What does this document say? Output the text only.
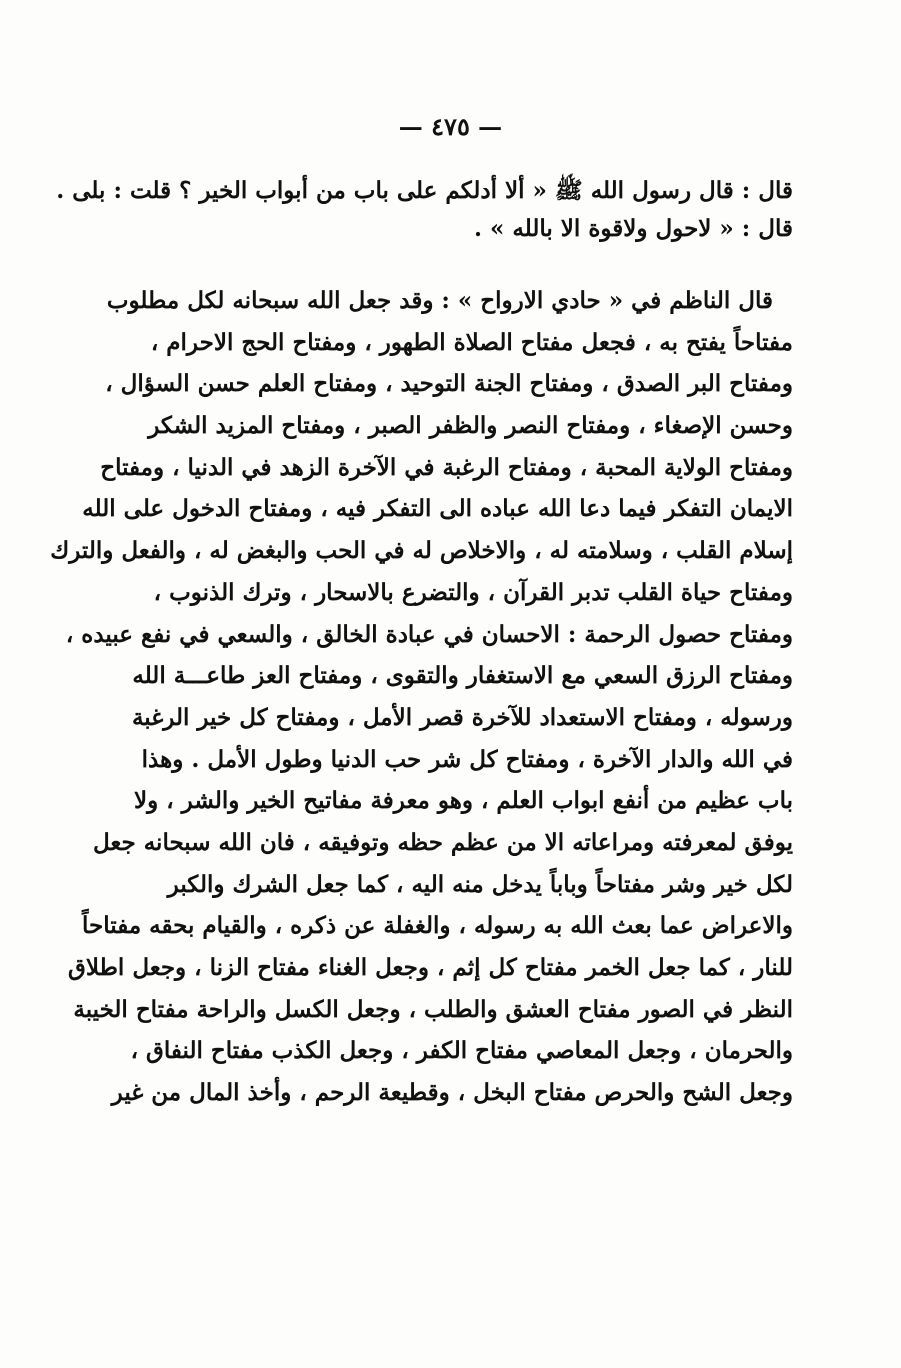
— ٤٧٥ —
قال : قال رسول الله ﷺ « ألا أدلكم على باب من أبواب الخير ؟ قلت : بلى .
قال : « لاحول ولاقوة الا بالله » .
قال الناظم في « حادي الارواح » : وقد جعل الله سبحانه لكل مطلوب
مفتاحاً يفتح به ، فجعل مفتاح الصلاة الطهور ، ومفتاح الحج الاحرام ،
ومفتاح البر الصدق ، ومفتاح الجنة التوحيد ، ومفتاح العلم حسن السؤال ،
وحسن الإصغاء ، ومفتاح النصر والظفر الصبر ، ومفتاح المزيد الشكر
ومفتاح الولاية المحبة ، ومفتاح الرغبة في الآخرة الزهد في الدنيا ، ومفتاح
الايمان التفكر فيما دعا الله عباده الى التفكر فيه ، ومفتاح الدخول على الله
إسلام القلب ، وسلامته له ، والاخلاص له في الحب والبغض له ، والفعل والترك
ومفتاح حياة القلب تدبر القرآن ، والتضرع بالاسحار ، وترك الذنوب ،
ومفتاح حصول الرحمة : الاحسان في عبادة الخالق ، والسعي في نفع عبيده ،
ومفتاح الرزق السعي مع الاستغفار والتقوى ، ومفتاح العز طاعـــة الله
ورسوله ، ومفتاح الاستعداد للآخرة قصر الأمل ، ومفتاح كل خير الرغبة
في الله والدار الآخرة ، ومفتاح كل شر حب الدنيا وطول الأمل . وهذا
باب عظيم من أنفع ابواب العلم ، وهو معرفة مفاتيح الخير والشر ، ولا
يوفق لمعرفته ومراعاته الا من عظم حظه وتوفيقه ، فان الله سبحانه جعل
لكل خير وشر مفتاحاً وباباً يدخل منه اليه ، كما جعل الشرك والكبر
والاعراض عما بعث الله به رسوله ، والغفلة عن ذكره ، والقيام بحقه مفتاحاً
للنار ، كما جعل الخمر مفتاح كل إثم ، وجعل الغناء مفتاح الزنا ، وجعل اطلاق
النظر في الصور مفتاح العشق والطلب ، وجعل الكسل والراحة مفتاح الخيبة
والحرمان ، وجعل المعاصي مفتاح الكفر ، وجعل الكذب مفتاح النفاق ،
وجعل الشح والحرص مفتاح البخل ، وقطيعة الرحم ، وأخذ المال من غير
